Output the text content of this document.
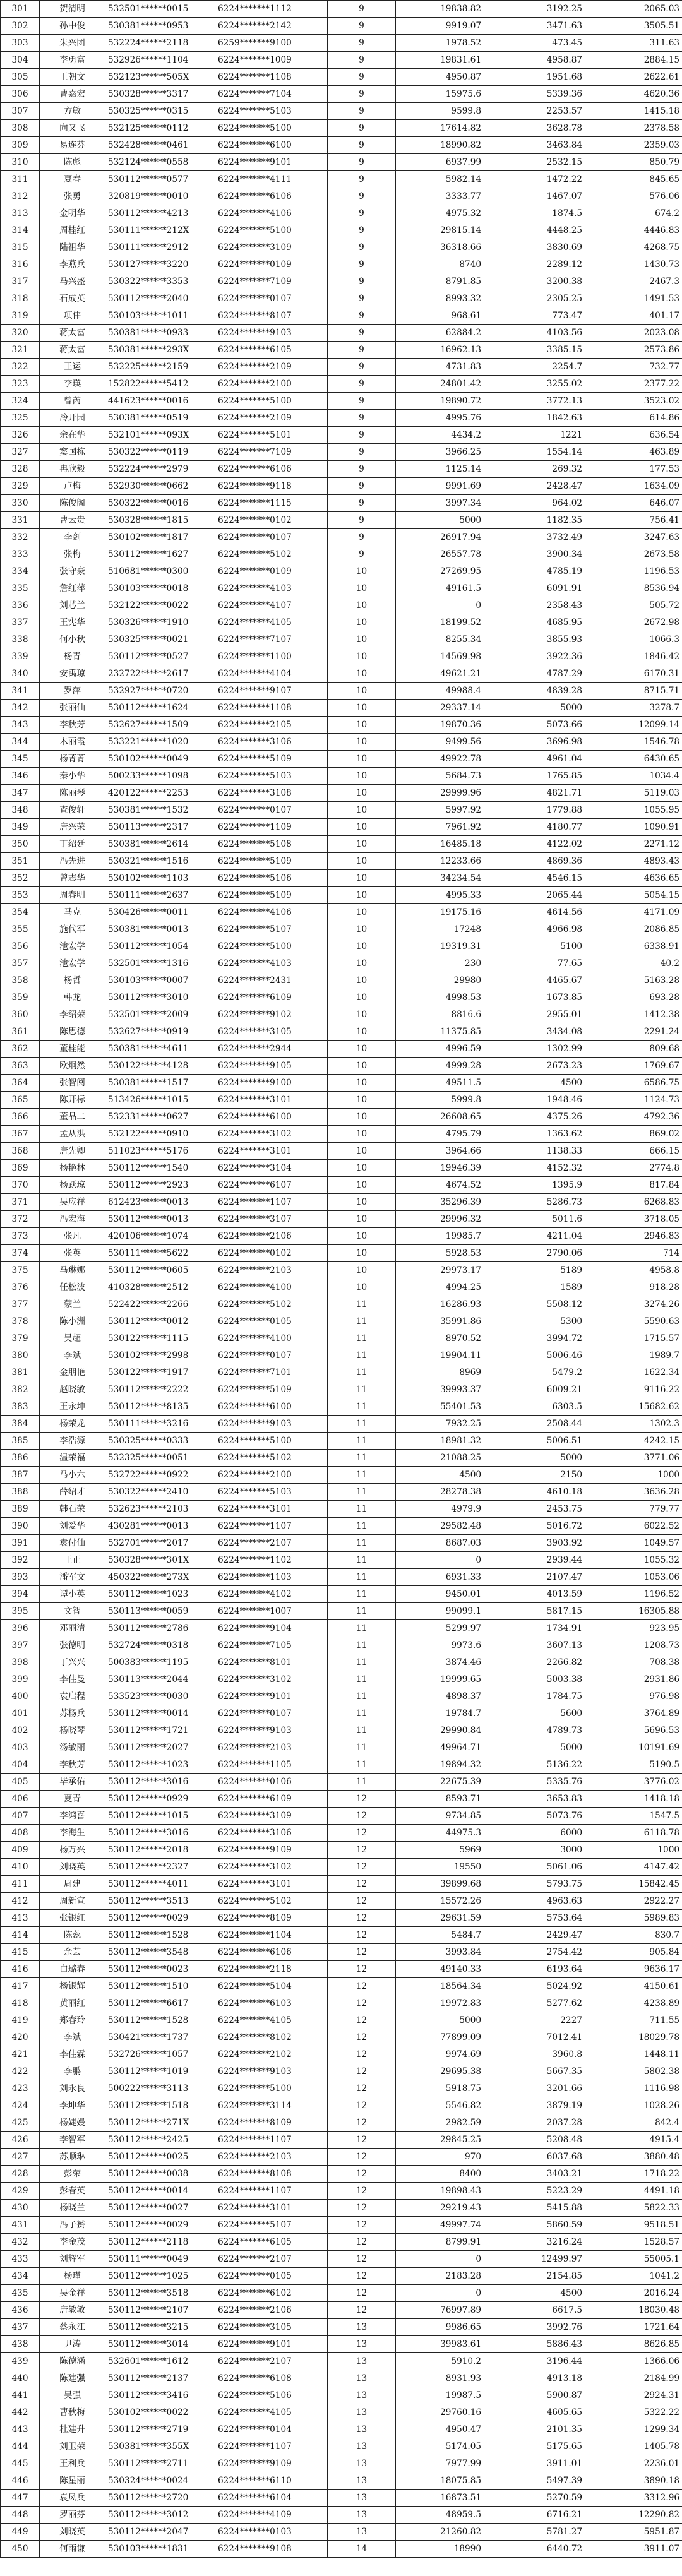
301	贺清明	532501******0015	6224*******1112	9	19838.82	3192.25	2065.03
302	孙中俊	530381******0953	6224*******2142	9	9919.07	3471.63	3505.51
303	朱兴团	532224******2118	6259*******9100	9	1978.52	473.45	311.63
304	李勇富	532926******1104	6224*******1009	9	19831.61	4958.87	2884.15
305	王朝文	532123******505X	6224*******1108	9	4950.87	1951.68	2622.61
306	曹嘉宏	530328******3317	6224*******7104	9	15975.6	5339.36	4620.36
307	方敏	530325******0315	6224*******5103	9	9599.8	2253.57	1415.18
308	向又飞	532125******0112	6224*******5100	9	17614.82	3628.78	2378.58
309	易连芬	532428******0461	6224*******6100	9	18990.82	3463.84	2359.03
310	陈彪	532124******0558	6224*******9101	9	6937.99	2532.15	850.79
311	夏春	530112******0577	6224*******4111	9	5982.14	1472.22	845.65
312	张勇	320819******0010	6224*******6106	9	3333.77	1467.07	576.06
313	金明华	530112******4213	6224*******4106	9	4975.32	1874.5	674.2
314	周桂红	530111******212X	6224*******5100	9	29815.14	4448.25	4446.83
315	陆祖华	530111******2912	6224*******3109	9	36318.66	3830.69	4268.75
316	李燕兵	530127******3220	6224*******0109	9	8740	2289.12	1430.73
317	马兴盛	530322******3353	6224*******7109	9	8791.85	3200.38	2467.3
318	石成英	530112******2040	6224*******0107	9	8993.32	2305.25	1491.53
319	项伟	530103******1011	6224*******8107	9	968.61	773.47	401.17
320	蒋太富	530381******0933	6224*******9103	9	62884.2	4103.56	2023.08
321	蒋太富	530381******293X	6224*******6105	9	16962.13	3385.15	2573.86
322	王运	532225******2159	6224*******2109	9	4731.83	2254.7	732.77
323	李瑛	152822******5412	6224*******2100	9	24801.42	3255.02	2377.22
324	曾芮	441623******0016	6224*******5100	9	19890.72	3772.13	3523.02
325	冷开园	530381******0519	6224*******2109	9	4995.76	1842.63	614.86
326	余在华	532101******093X	6224*******5101	9	4434.2	1221	636.54
327	窦国栋	530322******0119	6224*******7109	9	3966.25	1554.14	463.89
328	冉欣毅	532224******2979	6224*******6106	9	1125.14	269.32	177.53
329	卢梅	532930******0662	6224*******9118	9	9991.69	2428.47	1634.09
330	陈俊阁	530322******0016	6224*******1115	9	3997.34	964.02	646.07
331	曹云贵	530328******1815	6224*******0102	9	5000	1182.35	756.41
332	李剑	530102******1817	6224*******0107	9	26917.94	3732.49	3247.63
333	张梅	530112******1627	6224*******5102	9	26557.78	3900.34	2673.58
334	张守豪	510681******0300	6224*******0109	10	27269.95	4785.19	1196.53
335	詹红萍	530103******0018	6224*******4103	10	49161.5	6091.91	8536.94
336	刘芯兰	532122******0022	6224*******4107	10	0	2358.43	505.72
337	王宪华	530326******1910	6224*******4105	10	18199.52	4685.95	2672.98
338	何小秋	530325******0021	6224*******7107	10	8255.34	3855.93	1066.3
339	杨青	530112******0527	6224*******1100	10	14569.98	3922.36	1846.42
340	安禹琼	232722******2617	6224*******4104	10	49621.21	4787.29	6170.31
341	罗萍	532927******0720	6224*******9107	10	49988.4	4839.28	8715.71
342	张丽仙	530112******1624	6224*******1108	10	29337.14	5000	3278.7
343	李秋芳	532627******1509	6224*******2105	10	19870.36	5073.66	12099.14
344	木丽霞	533221******1020	6224*******3106	10	9499.56	3696.98	1546.78
345	杨菁菁	530102******0049	6224*******5109	10	49922.78	4961.04	6430.65
346	秦小华	500233******1098	6224*******5103	10	5684.73	1765.85	1034.4
347	陈丽琴	420122******2253	6224*******3108	10	29999.96	4821.71	5119.03
348	查俊轩	530381******1532	6224*******0107	10	5997.92	1779.88	1055.95
349	唐兴荣	530113******2317	6224*******1109	10	7961.92	4180.77	1090.91
350	丁绍廷	530381******2614	6224*******5108	10	16485.18	4122.02	2271.12
351	冯先进	530321******1516	6224*******5109	10	12233.66	4869.36	4893.43
352	曾志华	530102******1103	6224*******5106	10	34234.54	4546.15	4636.65
353	周春明	530111******2637	6224*******5109	10	4995.33	2065.44	5054.15
354	马克	530426******0011	6224*******4106	10	19175.16	4614.56	4171.09
355	施代军	530381******0013	6224*******5107	10	17248	4966.98	2086.85
356	池宏学	530112******1054	6224*******5100	10	19319.31	5100	6338.91
357	池宏学	532501******1316	6224*******4103	10	230	77.65	40.2
358	杨哲	530103******0007	6224*******2431	10	29980	4465.67	5163.28
359	韩龙	530112******3010	6224*******6109	10	4998.53	1673.85	693.28
360	李绍荣	532501******2009	6224*******9102	10	8816.6	2955.01	1412.38
361	陈思德	532627******0919	6224*******3105	10	11375.85	3434.08	2291.24
362	董桂能	530381******4611	6224*******2944	10	4996.59	1302.99	809.68
363	欧炯然	530122******4128	6224*******9105	10	4999.28	2673.23	1769.67
364	张智阅	530381******1517	6224*******9100	10	49511.5	4500	6586.75
365	陈开标	513426******1015	6224*******3101	10	5999.8	1948.46	1124.73
366	董晶二	532331******0627	6224*******6100	10	26608.65	4375.26	4792.36
367	孟从洪	532122******0910	6224*******3102	10	4795.79	1363.62	869.02
368	唐先卿	511023******5176	6224*******3101	10	3964.66	1138.33	666.15
369	杨艳林	530112******1540	6224*******3104	10	19946.39	4152.32	2774.8
370	杨跃琼	530112******2923	6224*******6107	10	4674.52	1395.9	817.84
371	吴应祥	612423******0013	6224*******1107	10	35296.39	5286.73	6268.83
372	冯宏海	530112******0013	6224*******3107	10	29996.32	5011.6	3718.05
373	张凡	420106******1074	6224*******2106	10	19985.7	4211.04	2946.83
374	张英	530111******5622	6224*******0102	10	5928.53	2790.06	714
375	马琳娜	530112******0605	6224*******2103	10	29973.17	5189	4958.8
376	任松波	410328******2512	6224*******4100	10	4994.25	1589	918.28
377	蒙兰	522422******2266	6224*******5102	11	16286.93	5508.12	3274.26
378	陈小洲	530112******0012	6224*******0105	11	35991.86	5300	5590.63
379	吴超	530122******1115	6224*******4100	11	8970.52	3994.72	1715.57
380	李斌	530102******2998	6224*******0107	11	19904.11	5006.46	1989.7
381	金朋艳	530122******1917	6224*******7101	11	8969	5479.2	1622.34
382	赵晓敏	530112******2222	6224*******5109	11	39993.37	6009.21	9116.22
383	王永坤	530112******8135	6224*******6100	11	55401.53	6303.5	15682.62
384	杨荣龙	530111******3216	6224*******9103	11	7932.25	2508.44	1302.3
385	李浩源	530325******0333	6224*******5100	11	18981.32	5006.51	4242.15
386	温荣福	532325******0051	6224*******5102	11	21088.25	5000	3771.06
387	马小六	532722******0922	6224*******2100	11	4500	2150	1000
388	薛绍才	530322******2410	6224*******5103	11	28278.38	4610.18	3636.28
389	韩石荣	532623******2103	6224*******3101	11	4979.9	2453.75	779.77
390	刘爱华	430281******0013	6224*******1107	11	29582.48	5016.72	6022.52
391	袁付仙	532701******2017	6224*******2107	11	8687.03	3903.92	1049.57
392	王正	530328******301X	6224*******1102	11	0	2939.44	1055.32
393	潘军文	450322******273X	6224*******1103	11	6931.33	2107.47	1053.06
394	谭小英	530112******1023	6224*******4102	11	9450.01	4013.59	1196.52
395	文智	530113******0059	6224*******1007	11	99099.1	5817.15	16305.88
396	邓丽清	530112******2786	6224*******9104	11	5299.97	1734.91	923.95
397	张德明	532724******0318	6224*******7105	11	9973.6	3607.13	1208.73
398	丁兴兴	500383******1195	6224*******8101	11	3874.46	2266.82	708.38
399	李佳曼	530113******2044	6224*******3102	11	19999.65	5003.38	2931.86
400	袁启程	533523******0030	6224*******9101	11	4898.37	1784.75	976.98
401	苏杨兵	530112******0014	6224*******0107	11	19784.7	5600	3764.89
402	杨晓琴	530112******1721	6224*******9103	11	29990.84	4789.73	5696.53
403	汤敏丽	530112******2027	6224*******2103	11	49964.71	5000	10191.69
404	李秋芳	530112******1023	6224*******1105	11	19894.32	5136.22	5190.5
405	毕承佑	530112******3016	6224*******0106	11	22675.39	5335.76	3776.02
406	夏青	530112******0929	6224*******6109	12	8593.71	3653.83	1418.18
407	李鸿喜	530112******1015	6224*******3109	12	9734.85	5073.76	1547.5
408	李海生	530112******3016	6224*******3106	12	44975.3	6000	6118.78
409	杨万兴	530112******2018	6224*******9109	12	5969	3000	1000
410	刘晓英	530112******2327	6224*******3102	12	19550	5061.06	4147.42
411	周建	530112******4011	6224*******3101	12	39899.68	5793.75	15842.45
412	周新宣	530112******3513	6224*******5102	12	15572.26	4963.63	2922.27
413	张银红	530112******0029	6224*******8109	12	29631.59	5753.64	5989.83
414	陈蕊	530112******1528	6224*******1104	12	5484.7	2429.47	830.7
415	余芸	530112******3548	6224*******6106	12	3993.84	2754.42	905.84
416	白璐春	530112******0023	6224*******2118	12	49140.33	6193.64	9636.17
417	杨银辉	530112******1510	6224*******5104	12	18564.34	5024.92	4150.61
418	黄丽红	530112******6617	6224*******6103	12	19972.83	5277.62	4238.89
419	郑春玲	530112******1528	6224*******4105	12	5000	2227	711.55
420	李斌	530421******1737	6224*******8102	12	77899.09	7012.41	18029.78
421	李佳霖	532726******1057	6224*******2102	12	9974.69	3960.8	1448.11
422	李鹏	530112******1019	6224*******9103	12	29695.38	5667.35	5802.38
423	刘永良	500222******3113	6224*******5100	12	5918.75	3201.66	1116.98
424	李坤华	530112******1518	6224*******3114	12	5546.82	3879.19	1028.26
425	杨婕嫚	530112******271X	6224*******8109	12	2982.59	2037.28	842.4
426	李智军	530112******2425	6224*******1107	12	29845.25	5208.48	4915.4
427	苏顺琳	530112******0025	6224*******2103	12	970	6037.68	3880.48
428	彭荣	530112******0038	6224*******8108	12	8400	3403.21	1718.22
429	彭春英	530112******0014	6224*******1107	12	19898.43	5223.29	4491.18
430	杨晓兰	530112******0027	6224*******3101	12	29219.43	5415.88	5822.33
431	冯子赟	530112******0029	6224*******5107	12	49997.74	5860.59	9518.51
432	李金茂	530112******2118	6224*******6105	12	8799.91	3216.24	1528.57
433	刘辉军	530111******0049	6224*******2107	12	0	12499.97	55005.1
434	杨瑾	530112******1025	6224*******0105	12	2183.28	2154.85	1041.2
435	吴金祥	530112******3518	6224*******6102	12	0	4500	2016.24
436	唐敏敏	530112******2107	6224*******2106	12	76997.89	6617.5	18030.48
437	蔡永江	530112******3215	6224*******3105	13	9986.65	3992.76	1721.64
438	尹涛	530112******3014	6224*******9101	13	39983.61	5886.43	8626.85
439	陈德涵	532601******1612	6224*******2107	13	5910.2	3196.44	1366.06
440	陈建强	530112******2137	6224*******6108	13	8931.93	4913.18	2184.99
441	吴强	530112******3416	6224*******5106	13	19987.5	5900.87	2924.31
442	曹秋梅	530102******0022	6224*******4105	13	29760.16	4605.65	5322.22
443	杜建升	530112******2719	6224*******0104	13	4950.47	2101.35	1299.34
444	刘卫荣	530381******355X	6224*******1107	13	5174.05	5175.65	1405.78
445	王利兵	530112******2711	6224*******9109	13	7977.99	3911.01	2236.01
446	陈星丽	530324******0024	6224*******6110	13	18075.85	5497.39	3890.18
447	袁凤兵	530112******2720	6224*******6104	13	16873.51	5270.59	3312.96
448	罗丽芬	530112******3012	6224*******4109	13	48959.5	6716.21	12290.82
449	刘晓英	530112******2047	6224*******0103	13	21260.82	5781.27	5951.87
450	何雨谦	530103******1831	6224*******9108	14	18990	6440.72	3911.07
